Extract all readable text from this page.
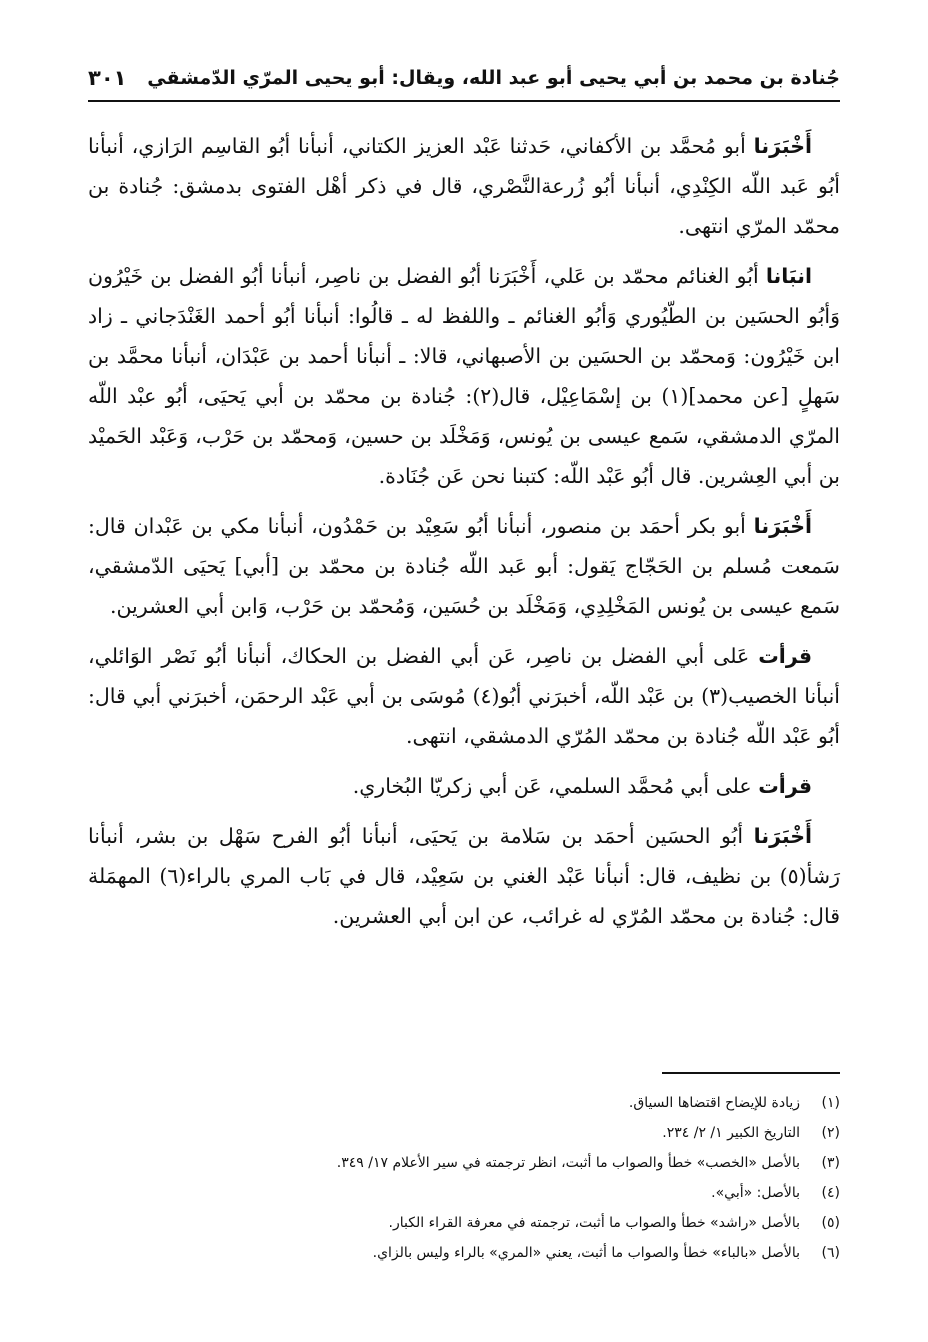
جُنادة بن محمد بن أبي يحيى أبو عبد الله، ويقال: أبو يحيى المرّي الدّمشقي
٣٠١

أَخْبَرَنا أبو مُحمَّد بن الأكفاني، حَدثنا عَبْد العزيز الكتاني، أنبأنا أبُو القاسِم الرَازي، أنبأنا أبُو عَبد اللّه الكِنْدِي، أنبأنا أبُو زُرعةالنَّصْري، قال في ذكر أهْل الفتوى بدمشق: جُنادة بن محمّد المرّي انتهى.

انبَانا أبُو الغنائم محمّد بن عَلي، أَخْبَرَنا أبُو الفضل بن ناصِر، أنبأنا أبُو الفضل بن خَيْرُون وَأبُو الحسَين بن الطّيُوري وَأبُو الغنائم ـ واللفظ له ـ قالُوا: أنبأنا أبُو أحمد الغَنْدَجاني ـ زاد ابن خَيْرُون: وَمحمّد بن الحسَين بن الأصبهاني، قالا: ـ أنبأنا أحمد بن عَبْدَان، أنبأنا محمَّد بن سَهلٍ [عن محمد](١) بن إسْمَاعِيْل، قال(٢): جُنادة بن محمّد بن أبي يَحيَى، أبُو عبْد اللّه المرّي الدمشقي، سَمع عيسى بن يُونس، وَمَخْلَد بن حسين، وَمحمّد بن حَرْب، وَعَبْد الحَميْد بن أبي العِشرين. قال أبُو عَبْد اللّه: كتبنا نحن عَن جُنَادة.

أَخْبَرَنا أبو بكر أحمَد بن منصور، أنبأنا أبُو سَعِيْد بن حَمْدُون، أنبأنا مكي بن عَبْدان قال: سَمعت مُسلم بن الحَجّاج يَقول: أبو عَبد اللّه جُنادة بن محمّد بن [أبي] يَحيَى الدّمشقي، سَمع عيسى بن يُونس المَخْلِدِي، وَمَخْلَد بن حُسَين، وَمُحمّد بن حَرْب، وَابن أبي العشرين.

قرأت عَلى أبي الفضل بن ناصِر، عَن أبي الفضل بن الحكاك، أنبأنا أبُو نَصْر الوَائلي، أنبأنا الخصيب(٣) بن عَبْد اللّه، أخبرَني أبُو(٤) مُوسَى بن أبي عَبْد الرحمَن، أخبرَني أبي قال: أبُو عَبْد اللّه جُنادة بن محمّد المُرّي الدمشقي، انتهى.

قرأت على أبي مُحمَّد السلمي، عَن أبي زكريّا البُخاري.

أَخْبَرَنا أبُو الحسَين أحمَد بن سَلامة بن يَحيَى، أنبأنا أبُو الفرح سَهْل بن بشر، أنبأنا رَشأ(٥) بن نظيف، قال: أنبأنا عَبْد الغني بن سَعِيْد، قال في بَاب المري بالراء(٦) المهمَلة قال: جُنادة بن محمّد المُرّي له غرائب، عن ابن أبي العشرين.

(١)زيادة للإيضاح اقتضاها السياق.
(٢)التاريخ الكبير ١/ ٢/ ٢٣٤.
(٣)بالأصل «الخصب» خطأ والصواب ما أثبت، انظر ترجمته في سير الأعلام ١٧/ ٣٤٩.
(٤)بالأصل: «أبي».
(٥)بالأصل «راشد» خطأ والصواب ما أثبت، ترجمته في معرفة القراء الكبار.
(٦)بالأصل «بالباء» خطأ والصواب ما أثبت، يعني «المري» بالراء وليس بالزاي.
